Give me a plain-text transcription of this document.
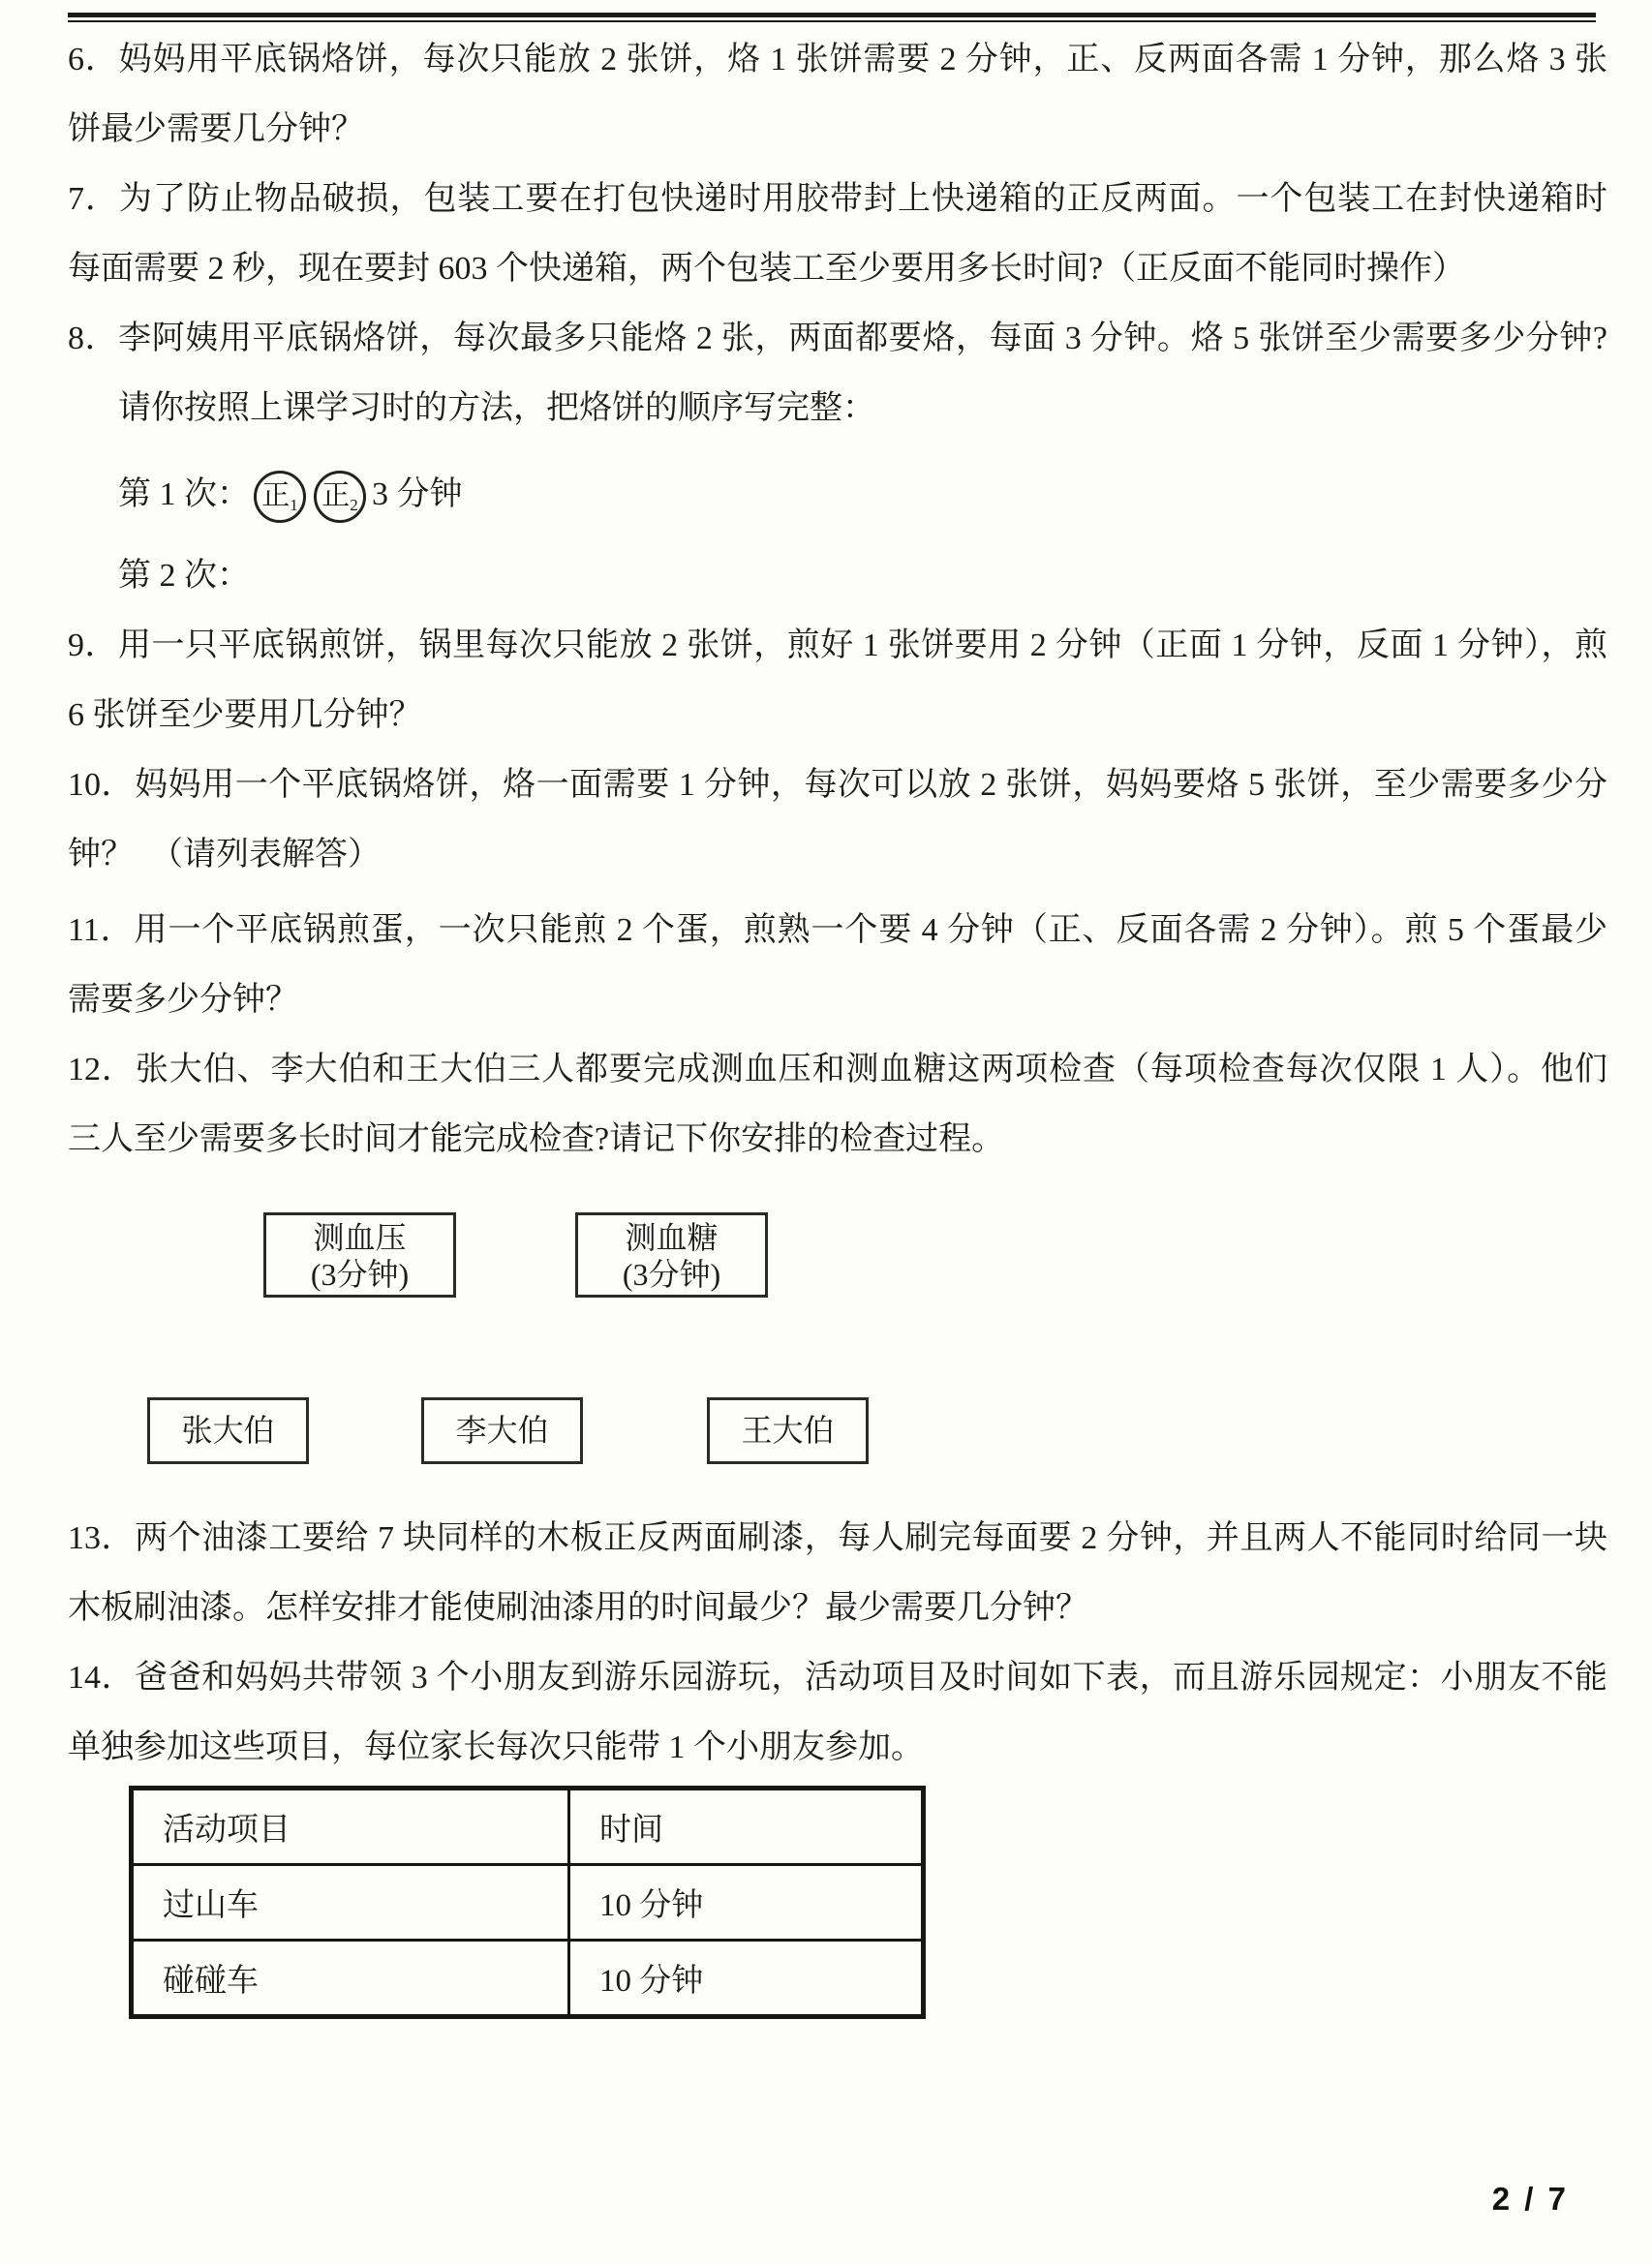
6．妈妈用平底锅烙饼，每次只能放 2 张饼，烙 1 张饼需要 2 分钟，正、反两面各需 1 分钟，那么烙 3 张
饼最少需要几分钟？
7．为了防止物品破损，包装工要在打包快递时用胶带封上快递箱的正反两面。一个包装工在封快递箱时
每面需要 2 秒，现在要封 603 个快递箱，两个包装工至少要用多长时间?（正反面不能同时操作）
8．李阿姨用平底锅烙饼，每次最多只能烙 2 张，两面都要烙，每面 3 分钟。烙 5 张饼至少需要多少分钟?
请你按照上课学习时的方法，把烙饼的顺序写完整：
第 1 次： 正$_1$ 正$_2$ 3 分钟
第 2 次：
9．用一只平底锅煎饼，锅里每次只能放 2 张饼，煎好 1 张饼要用 2 分钟（正面 1 分钟，反面 1 分钟），煎
6 张饼至少要用几分钟？
10．妈妈用一个平底锅烙饼，烙一面需要 1 分钟，每次可以放 2 张饼，妈妈要烙 5 张饼，至少需要多少分
钟？　（请列表解答）
11．用一个平底锅煎蛋，一次只能煎 2 个蛋，煎熟一个要 4 分钟（正、反面各需 2 分钟）。煎 5 个蛋最少
需要多少分钟？
12．张大伯、李大伯和王大伯三人都要完成测血压和测血糖这两项检查（每项检查每次仅限 1 人）。他们
三人至少需要多长时间才能完成检查?请记下你安排的检查过程。
测血压
(3分钟)
测血糖
(3分钟)
张大伯	李大伯	王大伯
13．两个油漆工要给 7 块同样的木板正反两面刷漆，每人刷完每面要 2 分钟，并且两人不能同时给同一块
木板刷油漆。怎样安排才能使刷油漆用的时间最少？最少需要几分钟？
14．爸爸和妈妈共带领 3 个小朋友到游乐园游玩，活动项目及时间如下表，而且游乐园规定：小朋友不能
单独参加这些项目，每位家长每次只能带 1 个小朋友参加。
活动项目	时间
过山车	10 分钟
碰碰车	10 分钟
2 / 7
